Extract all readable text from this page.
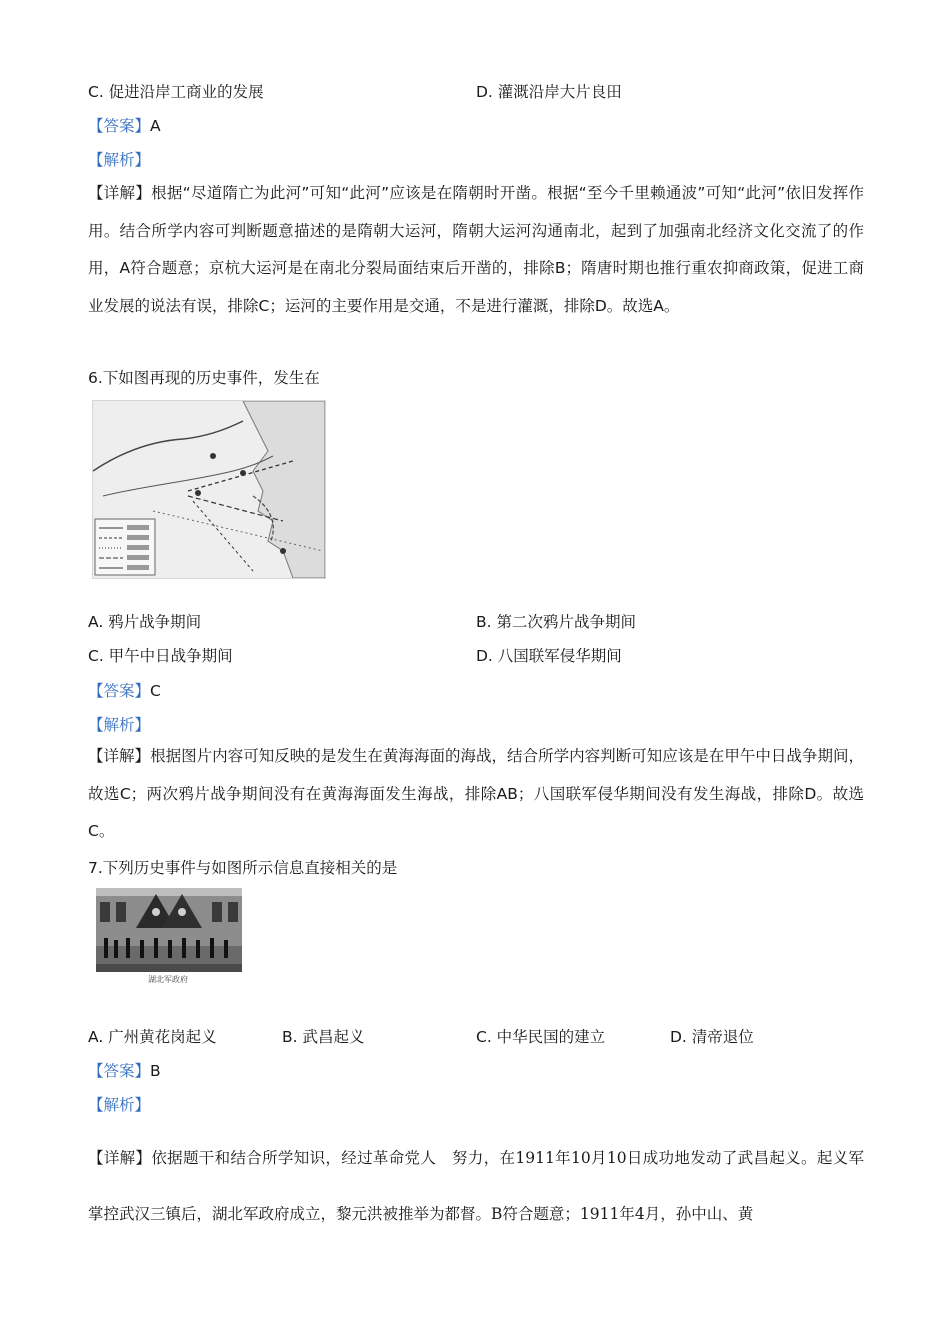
C. 促进沿岸工商业的发展	D. 灌溉沿岸大片良田
【答案】A
【解析】
【详解】根据“尽道隋亡为此河”可知“此河”应该是在隋朝时开凿。根据“至今千里赖通波”可知“此河”依旧发挥作用。结合所学内容可判断题意描述的是隋朝大运河，隋朝大运河沟通南北，起到了加强南北经济文化交流了的作用，A符合题意；京杭大运河是在南北分裂局面结束后开凿的，排除B；隋唐时期也推行重农抑商政策，促进工商业发展的说法有误，排除C；运河的主要作用是交通，不是进行灌溉，排除D。故选A。
6.下如图再现的历史事件，发生在
A. 鸦片战争期间	B. 第二次鸦片战争期间
C. 甲午中日战争期间	D. 八国联军侵华期间
【答案】C
【解析】
【详解】根据图片内容可知反映的是发生在黄海海面的海战，结合所学内容判断可知应该是在甲午中日战争期间，故选C；两次鸦片战争期间没有在黄海海面发生海战，排除AB；八国联军侵华期间没有发生海战，排除D。故选C。
7.下列历史事件与如图所示信息直接相关的是
湖北军政府
A. 广州黄花岗起义	B. 武昌起义	C. 中华民国的建立	D. 清帝退位
【答案】B
【解析】
【详解】依据题干和结合所学知识，经过革命党人　努力，在1911年10月10日成功地发动了武昌起义。起义军掌控武汉三镇后，湖北军政府成立，黎元洪被推举为都督。B符合题意；1911年4月，孙中山、黄
